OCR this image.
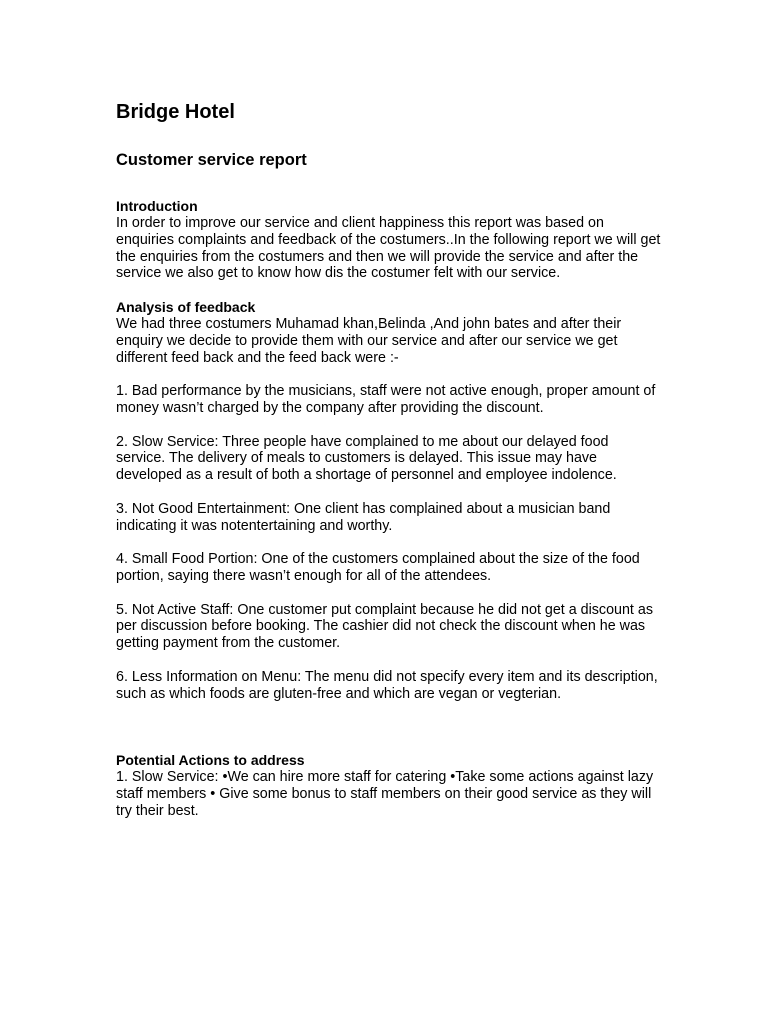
Bridge Hotel
Customer service report
Introduction

In order to improve our service and client happiness this report was based on enquiries complaints and feedback of the costumers..In the following report we will get the enquiries from the costumers and then we will provide the service and after the service we also get to know how dis the costumer felt with our service.

Analysis of feedback

We had three costumers Muhamad khan,Belinda ,And john bates and after their enquiry we decide to provide them with our service and after our service we get different feed back and the feed back were :-

1. Bad performance by the musicians, staff were not active enough, proper amount of money wasn’t charged by the company after providing the discount.

2. Slow Service: Three people have complained to me about our delayed food service. The delivery of meals to customers is delayed. This issue may have developed as a result of both a shortage of personnel and employee indolence.

3. Not Good Entertainment: One client has complained about a musician band indicating it was notentertaining and worthy.

4. Small Food Portion: One of the customers complained about the size of the food portion, saying there wasn’t enough for all of the attendees.

5. Not Active Staff: One customer put complaint because he did not get a discount as per discussion before booking. The cashier did not check the discount when he was getting payment from the customer.

6. Less Information on Menu: The menu did not specify every item and its description, such as which foods are gluten-free and which are vegan or vegterian.

Potential Actions to address

1. Slow Service: •We can hire more staff for catering •Take some actions against lazy staff members • Give some bonus to staff members on their good service as they will try their best.
